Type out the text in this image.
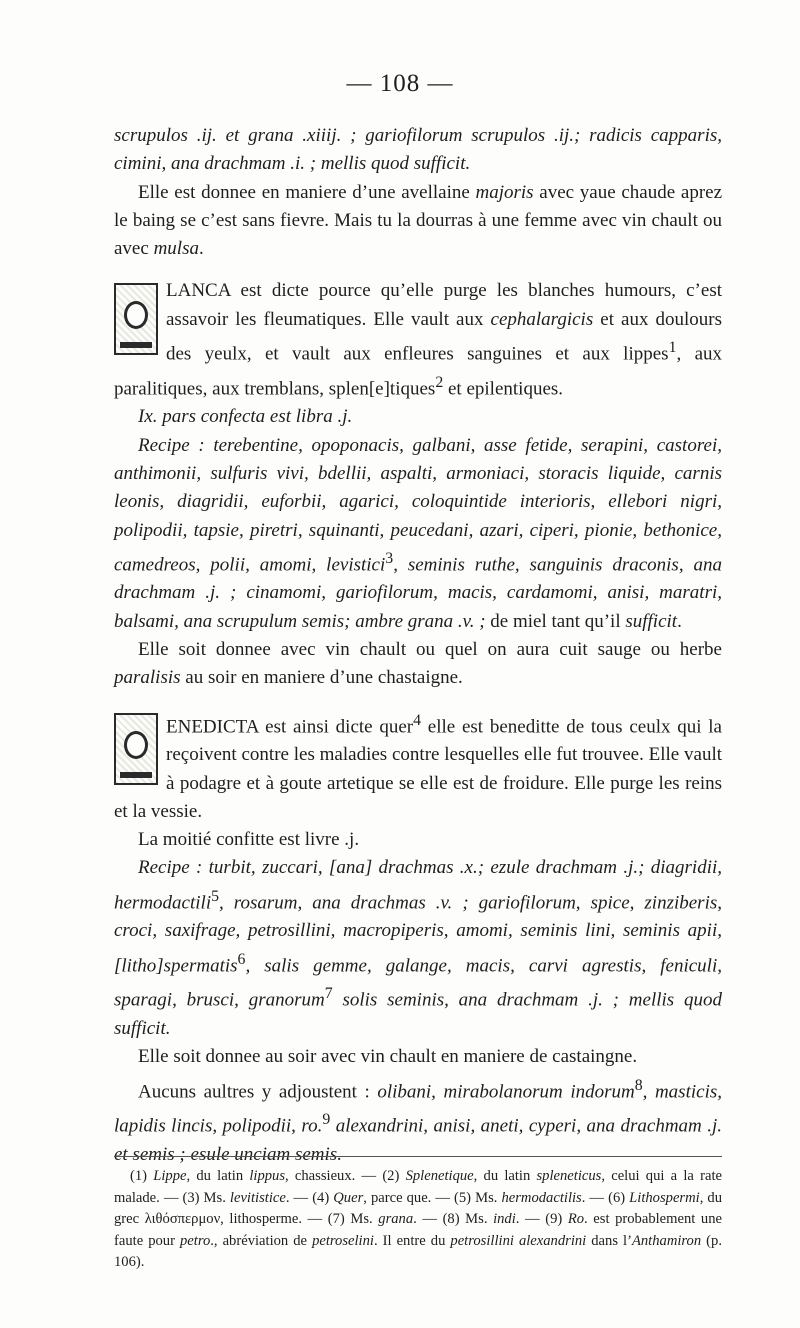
— 108 —

scrupulos .ij. et grana .xiiij. ; gariofilorum scrupulos .ij.; radicis capparis, cimini, ana drachmam .i. ; mellis quod sufficit.

Elle est donnee en maniere d’une avellaine majoris avec yaue chaude aprez le baing se c’est sans fievre. Mais tu la dourras à une femme avec vin chault ou avec mulsa.

LANCA est dicte pource qu’elle purge les blanches humours, c’est assavoir les fleumatiques. Elle vault aux cephalargicis et aux doulours des yeulx, et vault aux enfleures sanguines et aux lippes$^1$, aux paralitiques, aux tremblans, splen[e]tiques$^2$ et epilentiques.

Ix. pars confecta est libra .j.

Recipe : terebentine, opoponacis, galbani, asse fetide, serapini, castorei, anthimonii, sulfuris vivi, bdellii, aspalti, armoniaci, storacis liquide, carnis leonis, diagridii, euforbii, agarici, coloquintide interioris, ellebori nigri, polipodii, tapsie, piretri, squinanti, peucedani, azari, ciperi, pionie, bethonice, camedreos, polii, amomi, levistici$^3$, seminis ruthe, sanguinis draconis, ana drachmam .j. ; cinamomi, gariofilorum, macis, cardamomi, anisi, maratri, balsami, ana scrupulum semis; ambre grana .v. ; de miel tant qu’il sufficit.

Elle soit donnee avec vin chault ou quel on aura cuit sauge ou herbe paralisis au soir en maniere d’une chastaigne.

ENEDICTA est ainsi dicte quer$^4$ elle est beneditte de tous ceulx qui la reçoivent contre les maladies contre lesquelles elle fut trouvee. Elle vault à podagre et à goute artetique se elle est de froidure. Elle purge les reins et la vessie.

La moitié confitte est livre .j.

Recipe : turbit, zuccari, [ana] drachmas .x.; ezule drachmam .j.; diagridii, hermodactili$^5$, rosarum, ana drachmas .v. ; gariofilorum, spice, zinziberis, croci, saxifrage, petrosillini, macropiperis, amomi, seminis lini, seminis apii, [litho]spermatis$^6$, salis gemme, galange, macis, carvi agrestis, feniculi, sparagi, brusci, granorum$^7$ solis seminis, ana drachmam .j. ; mellis quod sufficit.

Elle soit donnee au soir avec vin chault en maniere de castaingne.

Aucuns aultres y adjoustent : olibani, mirabolanorum indorum$^8$, masticis, lapidis lincis, polipodii, ro.$^9$ alexandrini, anisi, aneti, cyperi, ana drachmam .j. et semis ; esule unciam semis.

(1) Lippe, du latin lippus, chassieux. — (2) Splenetique, du latin spleneticus, celui qui a la rate malade. — (3) Ms. levitistice. — (4) Quer, parce que. — (5) Ms. hermodactilis. — (6) Lithospermi, du grec λιθόσπερμον, lithosperme. — (7) Ms. grana. — (8) Ms. indi. — (9) Ro. est probablement une faute pour petro., abréviation de petroselini. Il entre du petrosillini alexandrini dans l’Anthamiron (p. 106).
